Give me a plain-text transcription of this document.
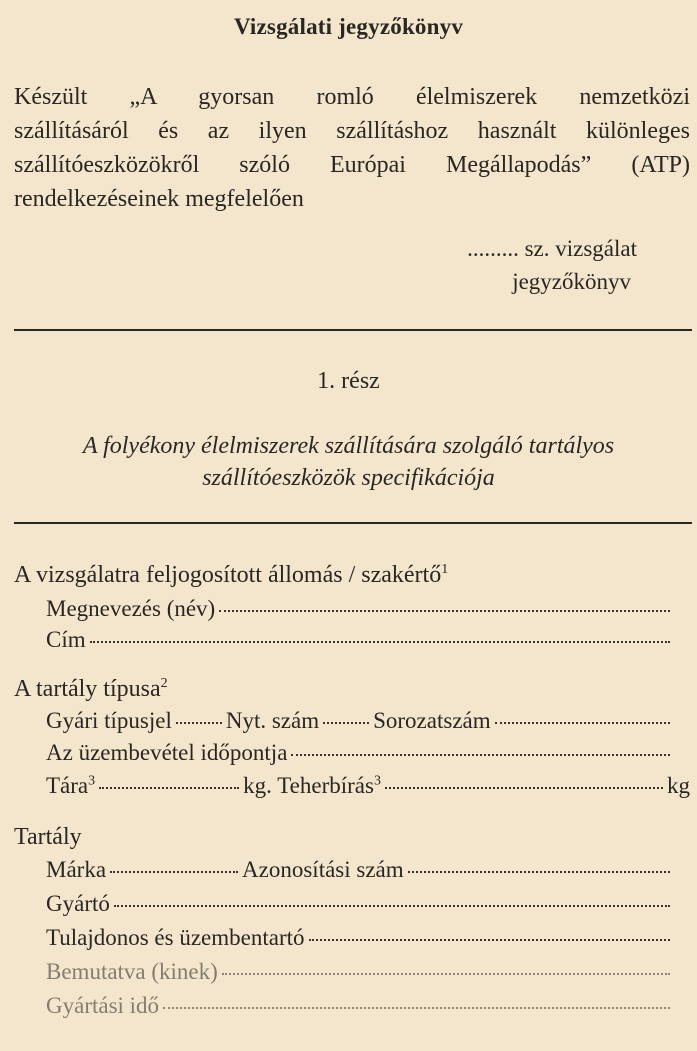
Vizsgálati jegyzőkönyv
Készült „A gyorsan romló élelmiszerek nemzetközi
szállításáról és az ilyen szállításhoz használt különleges
szállítóeszközökről szóló Európai Megállapodás” (ATP)
rendelkezéseinek megfelelően
......... sz. vizsgálat
jegyzőkönyv
1. rész
A folyékony élelmiszerek szállítására szolgáló tartályos
szállítóeszközök specifikációja
A vizsgálatra feljogosított állomás / szakértő$^1$
Megnevezés (név)
Cím
A tartály típusa$^2$
Gyári típusjel Nyt. szám Sorozatszám
Az üzembevétel időpontja
Tára$^3$	kg. Teherbírás$^3$	kg
Tartály
Márka	Azonosítási szám
Gyártó
Tulajdonos és üzembentartó
Bemutatva (kinek)
Gyártási idő
